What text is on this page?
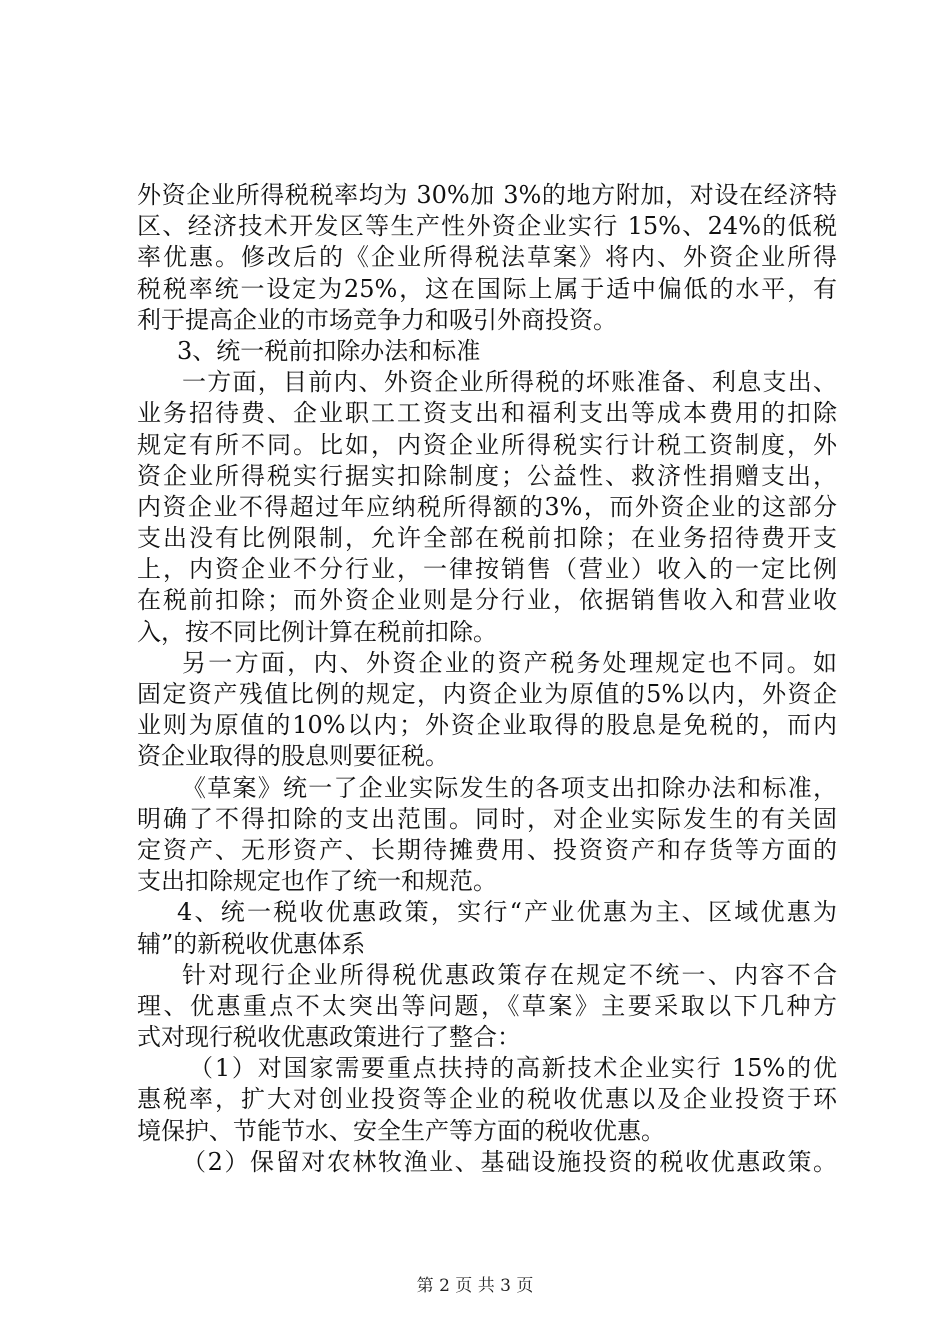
外资企业所得税税率均为 30%加 3%的地方附加，对设在经济特
区、经济技术开发区等生产性外资企业实行 15%、24%的低税
率优惠。修改后的《企业所得税法草案》将内、外资企业所得
税税率统一设定为25%，这在国际上属于适中偏低的水平，有
利于提高企业的市场竞争力和吸引外商投资。
3、统一税前扣除办法和标准
一方面，目前内、外资企业所得税的坏账准备、利息支出、
业务招待费、企业职工工资支出和福利支出等成本费用的扣除
规定有所不同。比如，内资企业所得税实行计税工资制度，外
资企业所得税实行据实扣除制度；公益性、救济性捐赠支出，
内资企业不得超过年应纳税所得额的3%，而外资企业的这部分
支出没有比例限制，允许全部在税前扣除；在业务招待费开支
上，内资企业不分行业，一律按销售（营业）收入的一定比例
在税前扣除；而外资企业则是分行业，依据销售收入和营业收
入，按不同比例计算在税前扣除。
另一方面，内、外资企业的资产税务处理规定也不同。如
固定资产残值比例的规定，内资企业为原值的5%以内，外资企
业则为原值的10%以内；外资企业取得的股息是免税的，而内
资企业取得的股息则要征税。
《草案》统一了企业实际发生的各项支出扣除办法和标准，
明确了不得扣除的支出范围。同时，对企业实际发生的有关固
定资产、无形资产、长期待摊费用、投资资产和存货等方面的
支出扣除规定也作了统一和规范。
4、统一税收优惠政策，实行“产业优惠为主、区域优惠为
辅”的新税收优惠体系
针对现行企业所得税优惠政策存在规定不统一、内容不合
理、优惠重点不太突出等问题，《草案》主要采取以下几种方
式对现行税收优惠政策进行了整合：
（1）对国家需要重点扶持的高新技术企业实行 15%的优
惠税率，扩大对创业投资等企业的税收优惠以及企业投资于环
境保护、节能节水、安全生产等方面的税收优惠。
（2）保留对农林牧渔业、基础设施投资的税收优惠政策。
第 2 页 共 3 页
